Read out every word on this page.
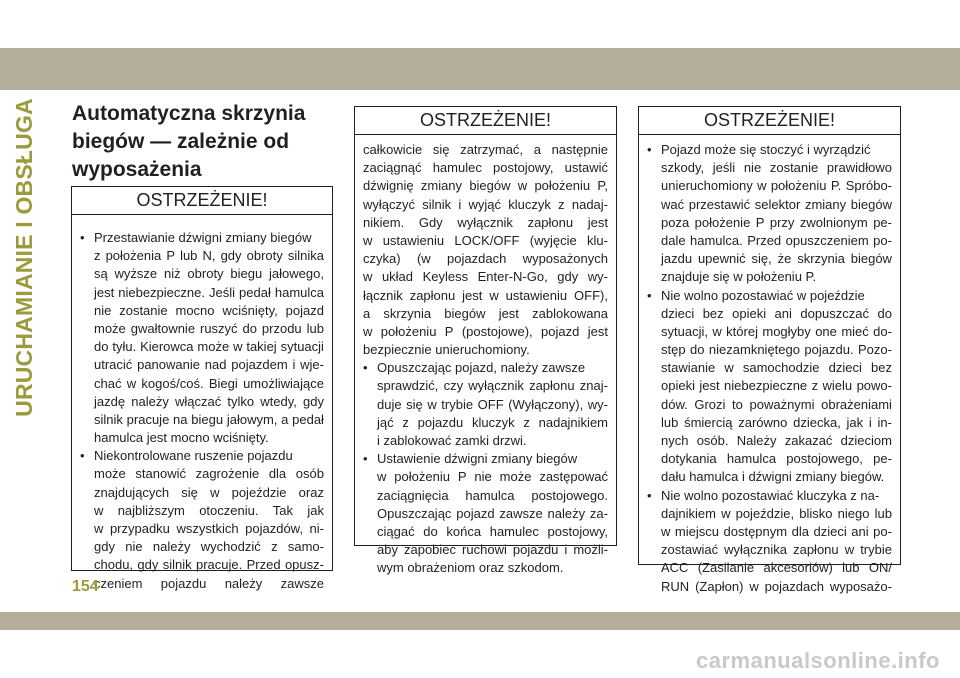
URUCHAMIANIE I OBSŁUGA Automatyczna skrzynia
biegów — zależnie od
wyposażenia
OSTRZEŻENIE!
• Przestawianie dźwigni zmiany biegów
z położenia P lub N, gdy obroty silnika
są wyższe niż obroty biegu jałowego,
jest niebezpieczne. Jeśli pedał hamulca
nie zostanie mocno wciśnięty, pojazd
może gwałtownie ruszyć do przodu lub
do tyłu. Kierowca może w takiej sytuacji
utracić panowanie nad pojazdem i wje-
chać w kogoś/coś. Biegi umożliwiające
jazdę należy włączać tylko wtedy, gdy
silnik pracuje na biegu jałowym, a pedał
hamulca jest mocno wciśnięty.
• Niekontrolowane ruszenie pojazdu
może stanowić zagrożenie dla osób
znajdujących się w pojeździe oraz
w najbliższym otoczeniu. Tak jak
w przypadku wszystkich pojazdów, ni-
gdy nie należy wychodzić z samo-
chodu, gdy silnik pracuje. Przed opusz-
czeniem pojazdu należy zawsze
OSTRZEŻENIE!
całkowicie się zatrzymać, a następnie
zaciągnąć hamulec postojowy, ustawić
dźwignię zmiany biegów w położeniu P,
wyłączyć silnik i wyjąć kluczyk z nadaj-
nikiem. Gdy wyłącznik zapłonu jest
w ustawieniu LOCK/OFF (wyjęcie klu-
czyka) (w pojazdach wyposażonych
w układ Keyless Enter-N-Go, gdy wy-
łącznik zapłonu jest w ustawieniu OFF),
a skrzynia biegów jest zablokowana
w położeniu P (postojowe), pojazd jest
bezpiecznie unieruchomiony.
• Opuszczając pojazd, należy zawsze
sprawdzić, czy wyłącznik zapłonu znaj-
duje się w trybie OFF (Wyłączony), wy-
jąć z pojazdu kluczyk z nadajnikiem
i zablokować zamki drzwi.
• Ustawienie dźwigni zmiany biegów
w położeniu P nie może zastępować
zaciągnięcia hamulca postojowego.
Opuszczając pojazd zawsze należy za-
ciągać do końca hamulec postojowy,
aby zapobiec ruchowi pojazdu i możli-
wym obrażeniom oraz szkodom.
OSTRZEŻENIE!
• Pojazd może się stoczyć i wyrządzić
szkody, jeśli nie zostanie prawidłowo
unieruchomiony w położeniu P. Spróbo-
wać przestawić selektor zmiany biegów
poza położenie P przy zwolnionym pe-
dale hamulca. Przed opuszczeniem po-
jazdu upewnić się, że skrzynia biegów
znajduje się w położeniu P.
• Nie wolno pozostawiać w pojeździe
dzieci bez opieki ani dopuszczać do
sytuacji, w której mogłyby one mieć do-
stęp do niezamkniętego pojazdu. Pozo-
stawianie w samochodzie dzieci bez
opieki jest niebezpieczne z wielu powo-
dów. Grozi to poważnymi obrażeniami
lub śmiercią zarówno dziecka, jak i in-
nych osób. Należy zakazać dzieciom
dotykania hamulca postojowego, pe-
dału hamulca i dźwigni zmiany biegów.
• Nie wolno pozostawiać kluczyka z na-
dajnikiem w pojeździe, blisko niego lub
w miejscu dostępnym dla dzieci ani po-
zostawiać wyłącznika zapłonu w trybie
ACC (Zasilanie akcesoriów) lub ON/
RUN (Zapłon) w pojazdach wyposażo-
154
carmanualsonline.info
